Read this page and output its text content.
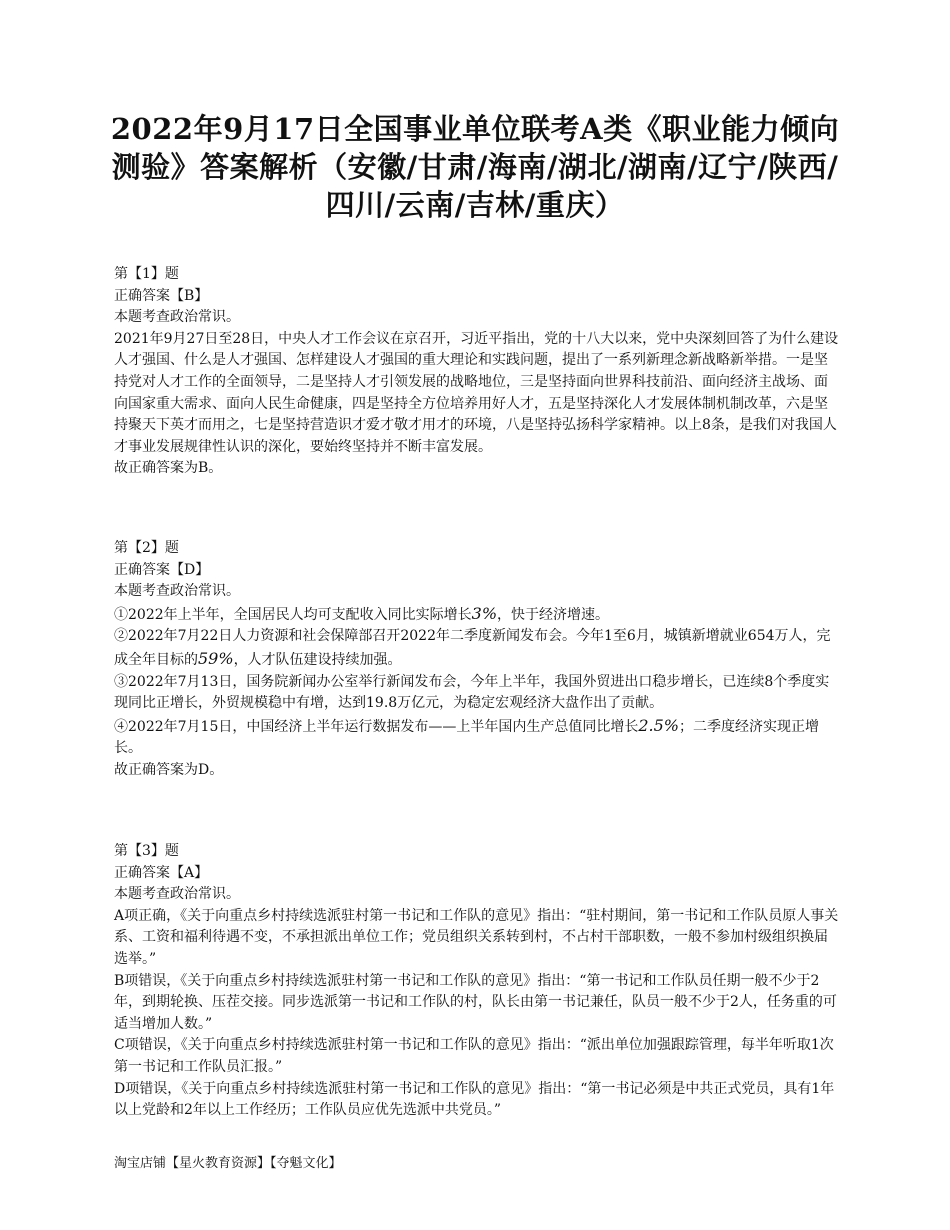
2022年9月17日全国事业单位联考A类《职业能力倾向测验》答案解析（安徽/甘肃/海南/湖北/湖南/辽宁/陕西/四川/云南/吉林/重庆）

第【1】题

正确答案【B】

本题考查政治常识。

2021年9月27日至28日，中央人才工作会议在京召开，习近平指出，党的十八大以来，党中央深刻回答了为什么建设人才强国、什么是人才强国、怎样建设人才强国的重大理论和实践问题，提出了一系列新理念新战略新举措。一是坚持党对人才工作的全面领导，二是坚持人才引领发展的战略地位，三是坚持面向世界科技前沿、面向经济主战场、面向国家重大需求、面向人民生命健康，四是坚持全方位培养用好人才，五是坚持深化人才发展体制机制改革，六是坚持聚天下英才而用之，七是坚持营造识才爱才敬才用才的环境，八是坚持弘扬科学家精神。以上8条，是我们对我国人才事业发展规律性认识的深化，要始终坚持并不断丰富发展。

故正确答案为B。

第【2】题

正确答案【D】

本题考查政治常识。

①2022年上半年，全国居民人均可支配收入同比实际增长3%，快于经济增速。

②2022年7月22日人力资源和社会保障部召开2022年二季度新闻发布会。今年1至6月，城镇新增就业654万人，完成全年目标的59%，人才队伍建设持续加强。

③2022年7月13日，国务院新闻办公室举行新闻发布会，今年上半年，我国外贸进出口稳步增长，已连续8个季度实现同比正增长，外贸规模稳中有增，达到19.8万亿元，为稳定宏观经济大盘作出了贡献。

④2022年7月15日，中国经济上半年运行数据发布——上半年国内生产总值同比增长2.5%；二季度经济实现正增长。

故正确答案为D。

第【3】题

正确答案【A】

本题考查政治常识。

A项正确，《关于向重点乡村持续选派驻村第一书记和工作队的意见》指出：“驻村期间，第一书记和工作队员原人事关系、工资和福利待遇不变，不承担派出单位工作；党员组织关系转到村，不占村干部职数，一般不参加村级组织换届选举。”

B项错误，《关于向重点乡村持续选派驻村第一书记和工作队的意见》指出：“第一书记和工作队员任期一般不少于2年，到期轮换、压茬交接。同步选派第一书记和工作队的村，队长由第一书记兼任，队员一般不少于2人，任务重的可适当增加人数。”

C项错误，《关于向重点乡村持续选派驻村第一书记和工作队的意见》指出：“派出单位加强跟踪管理，每半年听取1次第一书记和工作队员汇报。”

D项错误，《关于向重点乡村持续选派驻村第一书记和工作队的意见》指出：“第一书记必须是中共正式党员，具有1年以上党龄和2年以上工作经历；工作队员应优先选派中共党员。”

淘宝店铺【星火教育资源】【夺魁文化】
